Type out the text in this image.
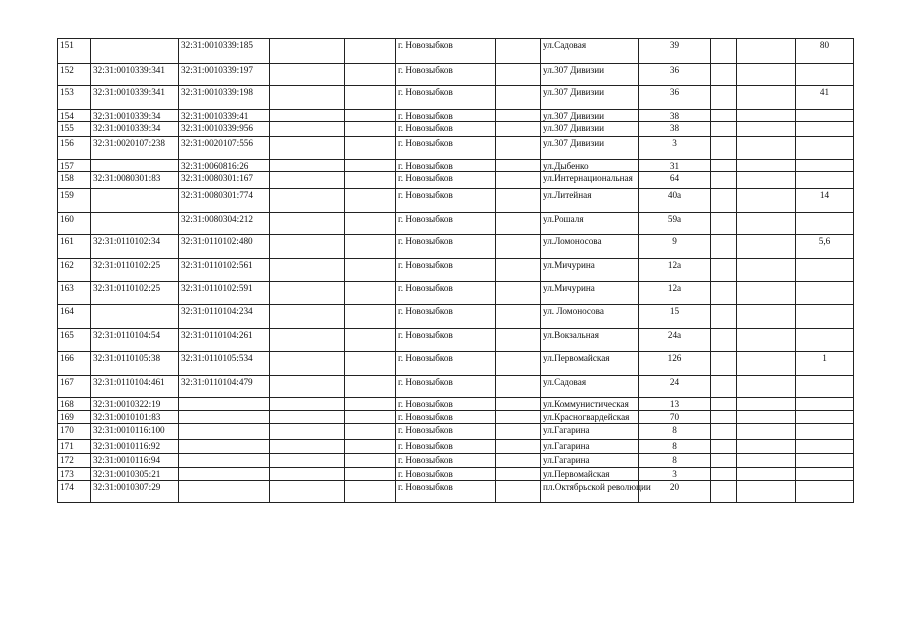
151		32:31:0010339:185			г. Новозыбков		ул.Садовая	39			80
152	32:31:0010339:341	32:31:0010339:197			г. Новозыбков		ул.307 Дивизии	36			
153	32:31:0010339:341	32:31:0010339:198			г. Новозыбков		ул.307 Дивизии	36			41
154	32:31:0010339:34	32:31:0010339:41			г. Новозыбков		ул.307 Дивизии	38			
155	32:31:0010339:34	32:31:0010339:956			г. Новозыбков		ул.307 Дивизии	38			
156	32:31:0020107:238	32:31:0020107:556			г. Новозыбков		ул.307 Дивизии	3			
157		32:31:0060816:26			г. Новозыбков		ул.Дыбенко	31			
158	32:31:0080301:83	32:31:0080301:167			г. Новозыбков		ул.Интернациональная	64			
159		32:31:0080301:774			г. Новозыбков		ул.Литейная	40а			14
160		32:31:0080304:212			г. Новозыбков		ул.Рошаля	59а			
161	32:31:0110102:34	32:31:0110102:480			г. Новозыбков		ул.Ломоносова	9			5,6
162	32:31:0110102:25	32:31:0110102:561			г. Новозыбков		ул.Мичурина	12а			
163	32:31:0110102:25	32:31:0110102:591			г. Новозыбков		ул.Мичурина	12а			
164		32:31:0110104:234			г. Новозыбков		ул. Ломоносова	15			
165	32:31:0110104:54	32:31:0110104:261			г. Новозыбков		ул.Вокзальная	24а			
166	32:31:0110105:38	32:31:0110105:534			г. Новозыбков		ул.Первомайская	126			1
167	32:31:0110104:461	32:31:0110104:479			г. Новозыбков		ул.Садовая	24			
168	32:31:0010322:19				г. Новозыбков		ул.Коммунистическая	13			
169	32:31:0010101:83				г. Новозыбков		ул.Красногвардейская	70			
170	32:31:0010116:100				г. Новозыбков		ул.Гагарина	8			
171	32:31:0010116:92				г. Новозыбков		ул.Гагарина	8			
172	32:31:0010116:94				г. Новозыбков		ул.Гагарина	8			
173	32:31:0010305:21				г. Новозыбков		ул.Первомайская	3			
174	32:31:0010307:29				г. Новозыбков		пл.Октябрьской революции	20			
